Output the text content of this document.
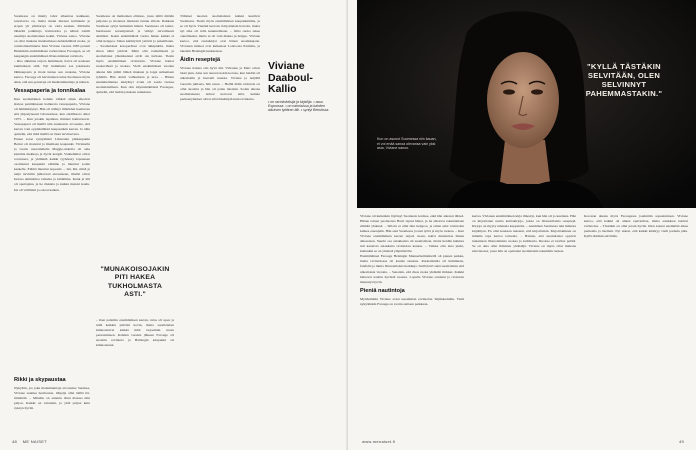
Suomessa on mietty tahot aiheuttaa kaikkeen, sanottavaa on, mutta muun muassa kulttuurin ja erojen yli ymmarrys on viela kesken. Michelle tähdellä palkittuja ravintoloita ja näissä toimii useampi suomalainen kokki, Viviane sanoo. Viviane on ollut mukana muuttamassa helsinkiläistä ruoka- ja ravintolakulttuuria. Kun Viviane vuonna 1995 perusti Helsinkiin ensimmäisen ravintolansa Farougen, se oli kaupungin ensimmäinen libanonilainen ravintola.

– Ruo alkuinne tarjota hummusta, harva oli koskaan kuullutkaan siitä. Nyt hummusta saa jokaisesta lähikaupasta ja moni tuntee sen ruokana, Viviane kertoo. Farouge oli harvinainen laina-Suomessa myös siksi, että sen perustaja oli maahanmuuttaja ja nainen.

Vessapaperia ja tonnikalaa

Kun suomalainen kohme vähksä sitten alkoivat ikuvaa panttikissaan hamurata vessapaperia, Viviane oli hämmästynyt. Hän oli nähnyt ilmiöiden kaaltuvan että järjestyneesti Libanonissa, kun sisällissota alkoi 1975. – Kun jotakin tapahtuu, ihmiset hamstraavat. Vessapaperi oli meillä niin suunnaton arvoesine, että kerran voin oppinkäläistä kaupastakin kerran. Ja näin ajattelin, että mitä meillä on tässä tarvitsevana.

Ennen sotaa syntymästä Libanonin pääkaupunki Beirut oli moderni ja liiemiaan kaupunki. Vivianella ja vuotta nuoremmalla Maggie-siskolla oli aina kauniita mekkoja ja hyvät kengät. Vanhemmat olivat rovenneet, ja yhtäkkiä kaikki tyyhdesty lapsuusen osoittautui kaupunki elämme ja muuttui sodan keskelle. Elämä muuttui nopeasti. – Isä, äiti, minä ja neljä tarvittiin juhlavasti eleraaiseen, tiitellä olivat Isoissa ammattina vaikeita ja kiitämme. Kunk ja äiti oli opettajana, ja he rikkaita ja kaikki meissä koulu. Isä oli välilöinti ja ostosi kaiken.

Rikki ja skypaustaa

Nykyään, jos joku mahamuuttaja arvostelee Suomea, Viviane suuttuu hermostua. Ohjelja ollut täällä itä-tiinnittää. – Minulle on annettu tässä maassa niin paljon. Kaikki on toistunut, ja yhtä paljon kuin syksyn hyvää.

Suomessa on melkoinen elintaso, jossa niillä mitään paljonsa ja monessa mielessä tuntuu silloin. Rakkaus Suomeen syttyi kuitenkin hiiasti. Suomessa oli taidot, huolissaan sotanäyteissä ja viihtyi turvallisesti alemmat. Kaksi ensimmäistä vuotta hänen kaikki ei ollut helppoa. Sitten kehittyivät ystävät ja pakettilaatu. – Suomalaiset kotoperäiset ovat äkkipitkää, mutta sitten näitä ystäviä. Minä olin rauhallisesti ja suomalaiset yhteiskunnat eivät ole turhaan. Tiesin myös ensimmäisen ravintolan. Viviane hantoi ruokavihreä ja ruokaa. Vielä ensimmäisen vuoden aikana hän päätti lähteä mukaan ja loppi sulkemaan ryhmän. Hän aloitti vaihtamaan ja uraa. – Hänen suunnitelmansa tekiyänyt avain oli saada ruokaa suomalaisilleen. Kun olin käynnistämässä Farougea, ajattelin, että tiedän jokaisen asiakkaan.

"MUNAKOISOJAKIN PITI HAKEA TUKHOLMASTA ASTI."

– Kun palattiin ensimmäisen kerran, tulos oli upea ja niitä kaikkia päivinä kovin, mutta suomalaiset kiinnostuivat kaikki mitä tarjoamiin ruoan perustamisen. Kahden vuoden jälkeen Farouge oli suosittu ravintola ja Helsingin kaupunki oli kiinnostunut.

Tällaiset nuorten suomalaisten kaikki kuulivat Suomessa. Tiesin myös ensimmäisen kaupunkimme, ja se oli hyvä. Vienäni kerroin. Kirjoittaisin harvoin, mutta nyt aika oli tulla kuunnelmaan. – Oma ruoka tekee onnelliseksi, mutta ei oli vain makea ja helppo. Viviane kertoo, että ruokakirjat ovat hänen suosikkejaan. Vivianen matkat ovat kulkeneet Lontoosta Pariisiin, ja takaisin Helsingin keskustaan.

Äidin reseptejä

Viviane haluaa olla hyvä äiti. Viivanne ja Mari olivat tässä pian. Aina sen nuoren kokin kotona, kun heidän oli ulkomailla ja haaveili ruuasta. Viviane ja neljällä vuorella juhlasta, hän sanoi. – Heillä äidin ravintola on ollut suosittu ja hän oli palan takaisin. Sodan aikana suomalaisessa tarinat kertovat siitä, kuinka perheenyhteiset olivat sitä tärkeimpiä kuin ravinteita.

Viviane Daaboul-Kallio
• on ravintoloitsija ja kirjailija. • asuu Espoossa. • on naimisissa ja kahden aikuisen tyttären äiti. • syntyi Beirutissa.
48 ME NAISET

Viviane oli kuitenkin löytänyt Suomesta kotinsa, eikä hän aikonut lähteä. Hänen toinen puolisonsa Harri tapasi hänet, ja he alkoivat rakentamaan elämää yhdessä. – Silloin ei ollut niin helppoa, ja sitten saisi ravintolan kulkea eteenpäin. Hän asui Suomessa ja teki työtä ja myös ruokaa. – Kun Viviane ensimmäisen kerran tarjosi ruoan, kahvi muistuttaa hänen aiheestaan. Suurin osa asiakkaista oli suomalaisia, mutta heidän kaikista tuli kantavia asiakkaita ravintolan kanssa. – Vaikka olin aina yksin, kuitenkin se on yhteistä ympäristölle.

Ensimmäinen Farouge Helsingin Mannerheimintiellä oli pienen paikka, mutta ravintolassa oli kaunis sisustus. Ruokalistalla oli hummusta, falafelia ja muita libanonilaisia herkkuja. Siellä kävi sekä suomalaisia että ulkomaisia vieraita. – Sanoisin, että rikas ruoka yhdistää ihmiset. Kaikki haluavat nauttia hyvästä ruoasta. Lopulta Viviane onnistui ja ravintola menestyi hyvin.

Pieniä nautintoja

Myöhemmin Viviane avasi useamman ravintolan Teljänkaduille. Vielä nykyäänkin Farouge on avattu samaan paikkaan.

kertaa. Vivianen ensimmäinen kirja ilmestyi, kun hän oli jo kuuluisa. Hän on kirjoittanut useita keittokirjoja, joissa on libanonilaisia reseptejä. Kirjoja on myyty tuhansia kappaleita. – Asuminen Suomessa teki minusta kirjailijan. En olisi koskaan uskonut, että kirjoittaisin. Kirjoittaminen on minulle tapa kertoa tarinoita. – Haluan, että suomalaiset oppivat tuntemaan libanonilaista ruokaa ja kulttuuria. Ruokaa ei tarvitse pelätä. Se on aina ollut ihmisten yhdistäjä. Viviane on myös ollut mukana televisiossa, jossa hän on opettanut suomalaisia tekemään ruokaa.

Koronan aikana myös Farougessa jouduttiin sopeutumaan. Viviane kertoo, että kaikki oli aluksi epävarmaa, mutta asiakkaat tukivat ravintolaa. – Tässäkin on ollut jotain hyvää. Olen saanut enemmän aikaa perheelle ja itselleni. Nyt uskon, että kaikki kääntyy vielä parhain päin. Kyllä tästäkin selvitään.

www.menaiset.fi	49
Kun on asunut Suomessa niin kauan, ei voi enää sanoa olevansa vain yksi asia, Viviane sanoo.
"KYLLÄ TÄSTÄKIN SELVITÄÄN, OLEN SELVINNYT PAHEMMASTAKIN."
